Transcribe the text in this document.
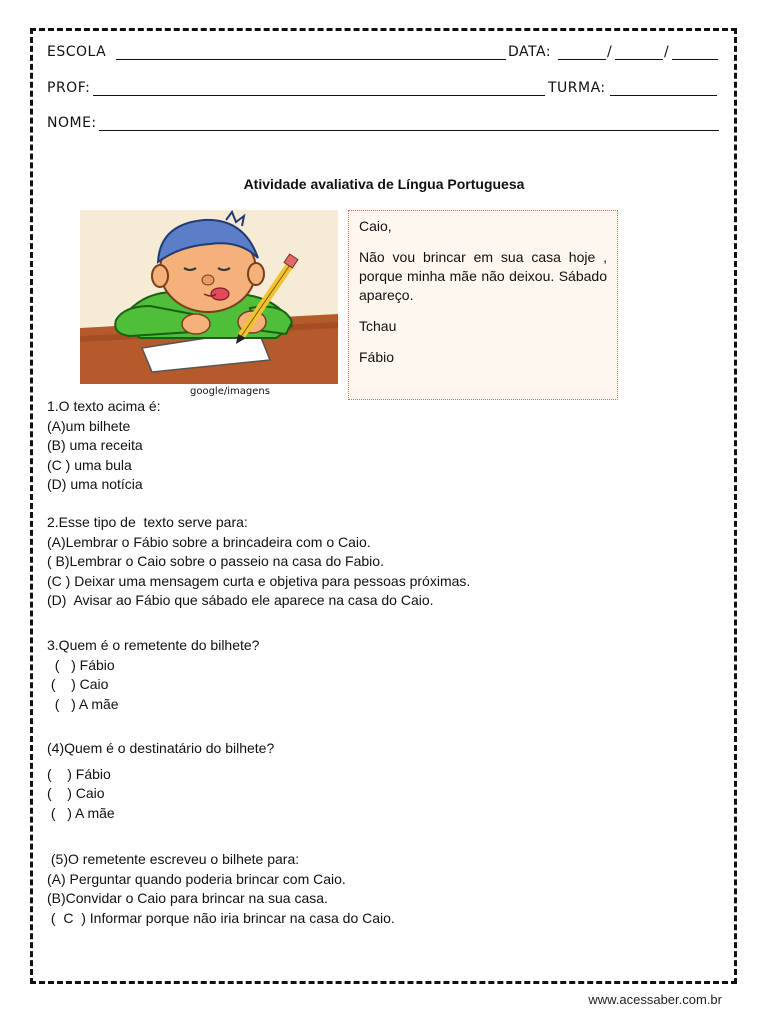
ESCOLA	DATA:	/	/
PROF:	TURMA:
NOME:
Atividade avaliativa de Língua Portuguesa
google/imagens

Caio,

Não vou brincar em sua casa hoje , porque minha mãe não deixou. Sábado apareço.

Tchau

Fábio

1.O texto acima é:
(A)um bilhete
(B) uma receita
(C ) uma bula
(D) uma notícia
2.Esse tipo de  texto serve para:
(A)Lembrar o Fábio sobre a brincadeira com o Caio.
( B)Lembrar o Caio sobre o passeio na casa do Fabio.
(C ) Deixar uma mensagem curta e objetiva para pessoas próximas.
(D)  Avisar ao Fábio que sábado ele aparece na casa do Caio.
3.Quem é o remetente do bilhete?
(   ) Fábio
(    ) Caio
(   ) A mãe
(4)Quem é o destinatário do bilhete?
(    ) Fábio
(    ) Caio
(   ) A mãe
(5)O remetente escreveu o bilhete para:
(A) Perguntar quando poderia brincar com Caio.
(B)Convidar o Caio para brincar na sua casa.
(  C  ) Informar porque não iria brincar na casa do Caio.
www.acessaber.com.br
